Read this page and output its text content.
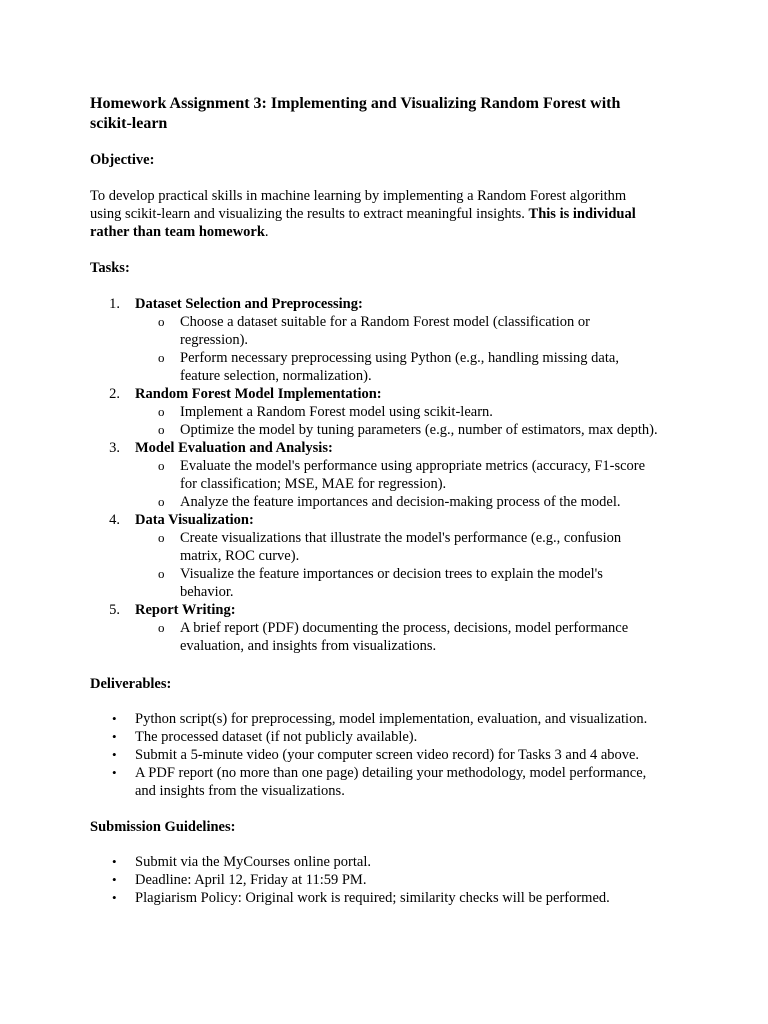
Homework Assignment 3: Implementing and Visualizing Random Forest with
scikit-learn
Objective:
To develop practical skills in machine learning by implementing a Random Forest algorithm
using scikit-learn and visualizing the results to extract meaningful insights. This is individual
rather than team homework.
Tasks:
1. Dataset Selection and Preprocessing:
o Choose a dataset suitable for a Random Forest model (classification or
regression).
o Perform necessary preprocessing using Python (e.g., handling missing data,
feature selection, normalization).
2. Random Forest Model Implementation:
o Implement a Random Forest model using scikit-learn.
o Optimize the model by tuning parameters (e.g., number of estimators, max depth).
3. Model Evaluation and Analysis:
o Evaluate the model's performance using appropriate metrics (accuracy, F1-score
for classification; MSE, MAE for regression).
o Analyze the feature importances and decision-making process of the model.
4. Data Visualization:
o Create visualizations that illustrate the model's performance (e.g., confusion
matrix, ROC curve).
o Visualize the feature importances or decision trees to explain the model's
behavior.
5. Report Writing:
o A brief report (PDF) documenting the process, decisions, model performance
evaluation, and insights from visualizations.
Deliverables:
• Python script(s) for preprocessing, model implementation, evaluation, and visualization.
• The processed dataset (if not publicly available).
• Submit a 5-minute video (your computer screen video record) for Tasks 3 and 4 above.
• A PDF report (no more than one page) detailing your methodology, model performance,
and insights from the visualizations.
Submission Guidelines:
• Submit via the MyCourses online portal.
• Deadline: April 12, Friday at 11:59 PM.
• Plagiarism Policy: Original work is required; similarity checks will be performed.
